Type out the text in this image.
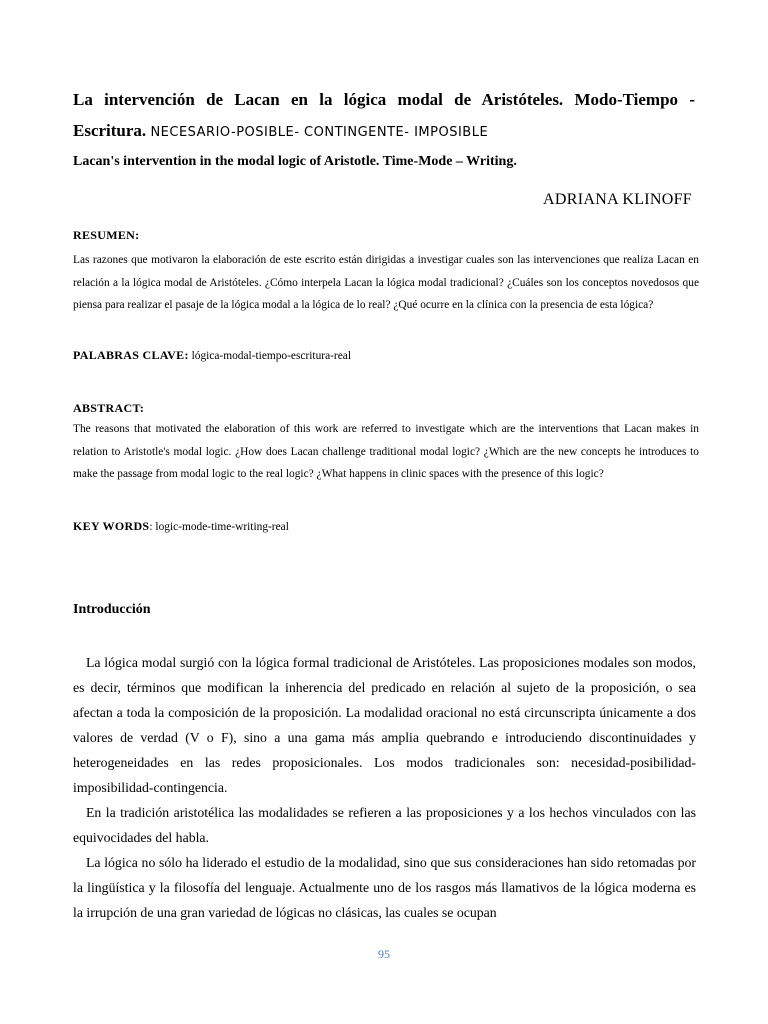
La intervención de Lacan en la lógica modal de Aristóteles. Modo-Tiempo - Escritura. NECESARIO-POSIBLE- CONTINGENTE- IMPOSIBLE
Lacan's intervention in the modal logic of Aristotle. Time-Mode – Writing.
ADRIANA KLINOFF
RESUMEN:
Las razones que motivaron la elaboración de este escrito están dirigidas a investigar cuales son las intervenciones que realiza Lacan en relación a la lógica modal de Aristóteles. ¿Cómo interpela Lacan la lógica modal tradicional? ¿Cuáles son los conceptos novedosos que piensa para realizar el pasaje de la lógica modal a la lógica de lo real? ¿Qué ocurre en la clínica con la presencia de esta lógica?
PALABRAS CLAVE: lógica-modal-tiempo-escritura-real
ABSTRACT:
The reasons that motivated the elaboration of this work are referred to investigate which are the interventions that Lacan makes in relation to Aristotle's modal logic. ¿How does Lacan challenge traditional modal logic? ¿Which are the new concepts he introduces to make the passage from modal logic to the real logic? ¿What happens in clinic spaces with the presence of this logic?
KEY WORDS: logic-mode-time-writing-real
Introducción

La lógica modal surgió con la lógica formal tradicional de Aristóteles. Las proposiciones modales son modos, es decir, términos que modifican la inherencia del predicado en relación al sujeto de la proposición, o sea afectan a toda la composición de la proposición. La modalidad oracional no está circunscripta únicamente a dos valores de verdad (V o F), sino a una gama más amplia quebrando e introduciendo discontinuidades y heterogeneidades en las redes proposicionales. Los modos tradicionales son: necesidad-posibilidad-imposibilidad-contingencia.

En la tradición aristotélica las modalidades se refieren a las proposiciones y a los hechos vinculados con las equivocidades del habla.

La lógica no sólo ha liderado el estudio de la modalidad, sino que sus consideraciones han sido retomadas por la lingüística y la filosofía del lenguaje. Actualmente uno de los rasgos más llamativos de la lógica moderna es la irrupción de una gran variedad de lógicas no clásicas, las cuales se ocupan

95
